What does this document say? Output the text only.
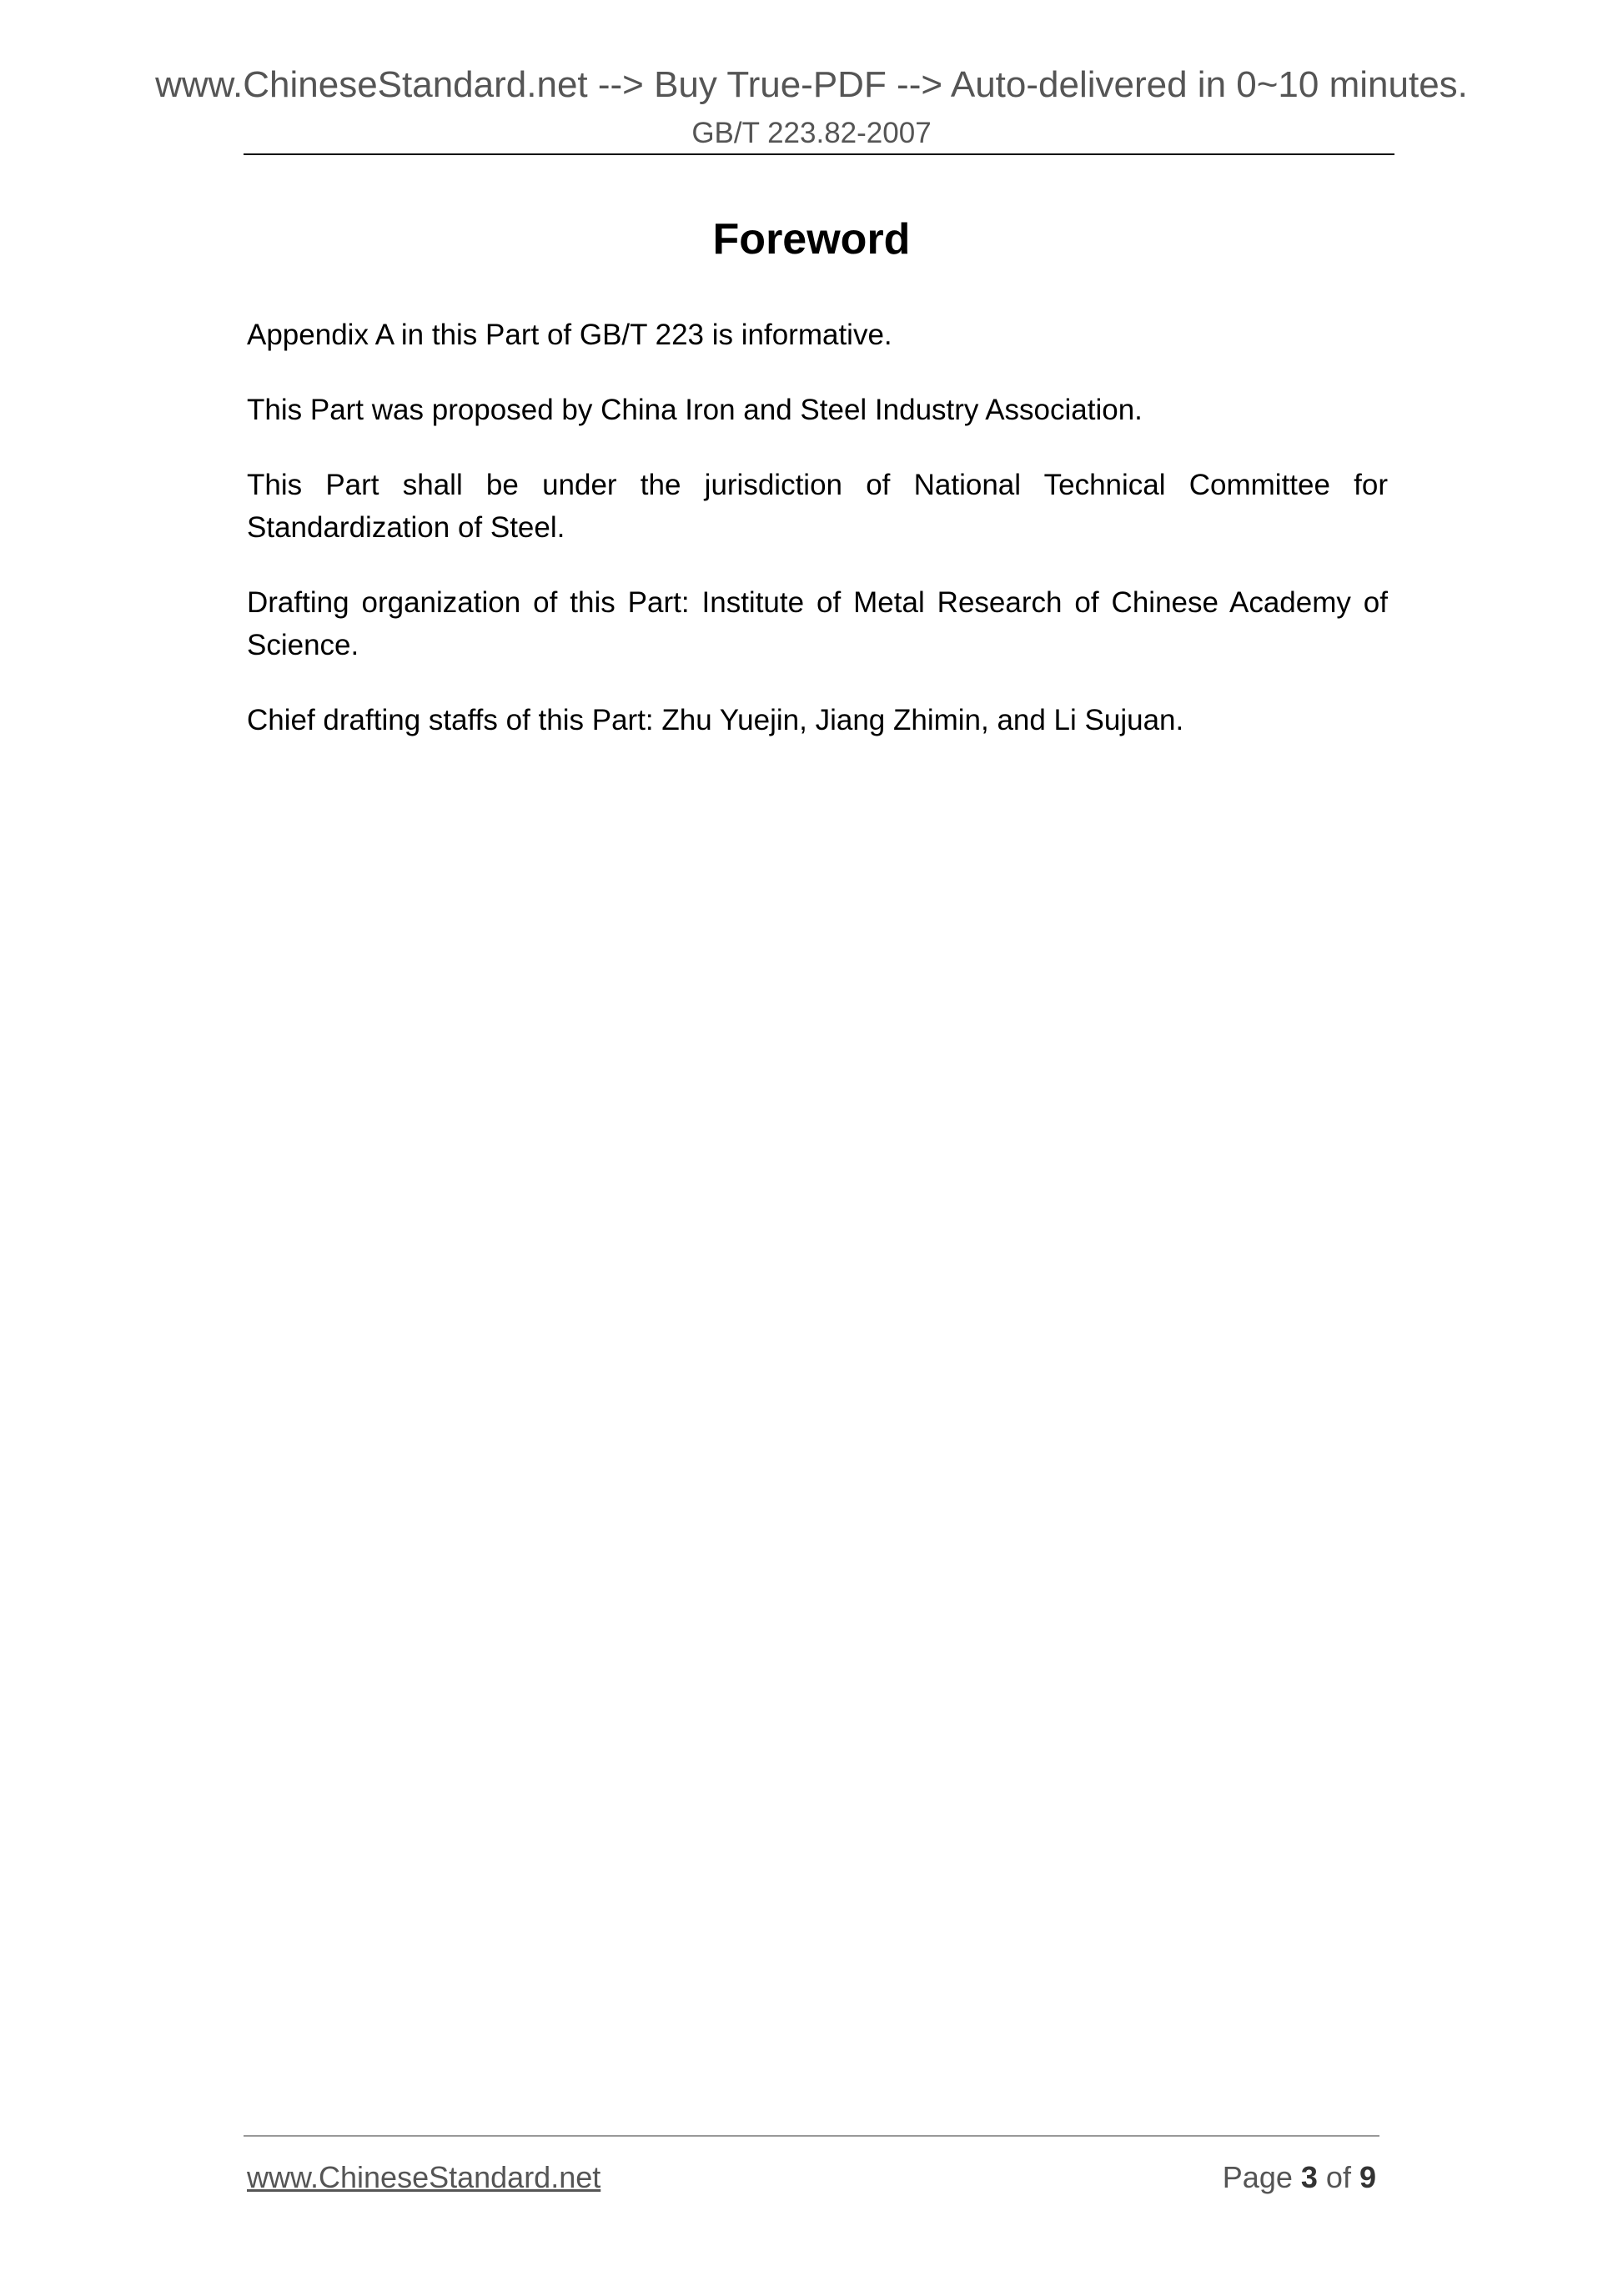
www.ChineseStandard.net --> Buy True-PDF --> Auto-delivered in 0~10 minutes.
GB/T 223.82-2007
Foreword

Appendix A in this Part of GB/T 223 is informative.

This Part was proposed by China Iron and Steel Industry Association.

This Part shall be under the jurisdiction of National Technical Committee for Standardization of Steel.

Drafting organization of this Part: Institute of Metal Research of Chinese Academy of Science.

Chief drafting staffs of this Part: Zhu Yuejin, Jiang Zhimin, and Li Sujuan.

www.ChineseStandard.net	Page 3 of 9
